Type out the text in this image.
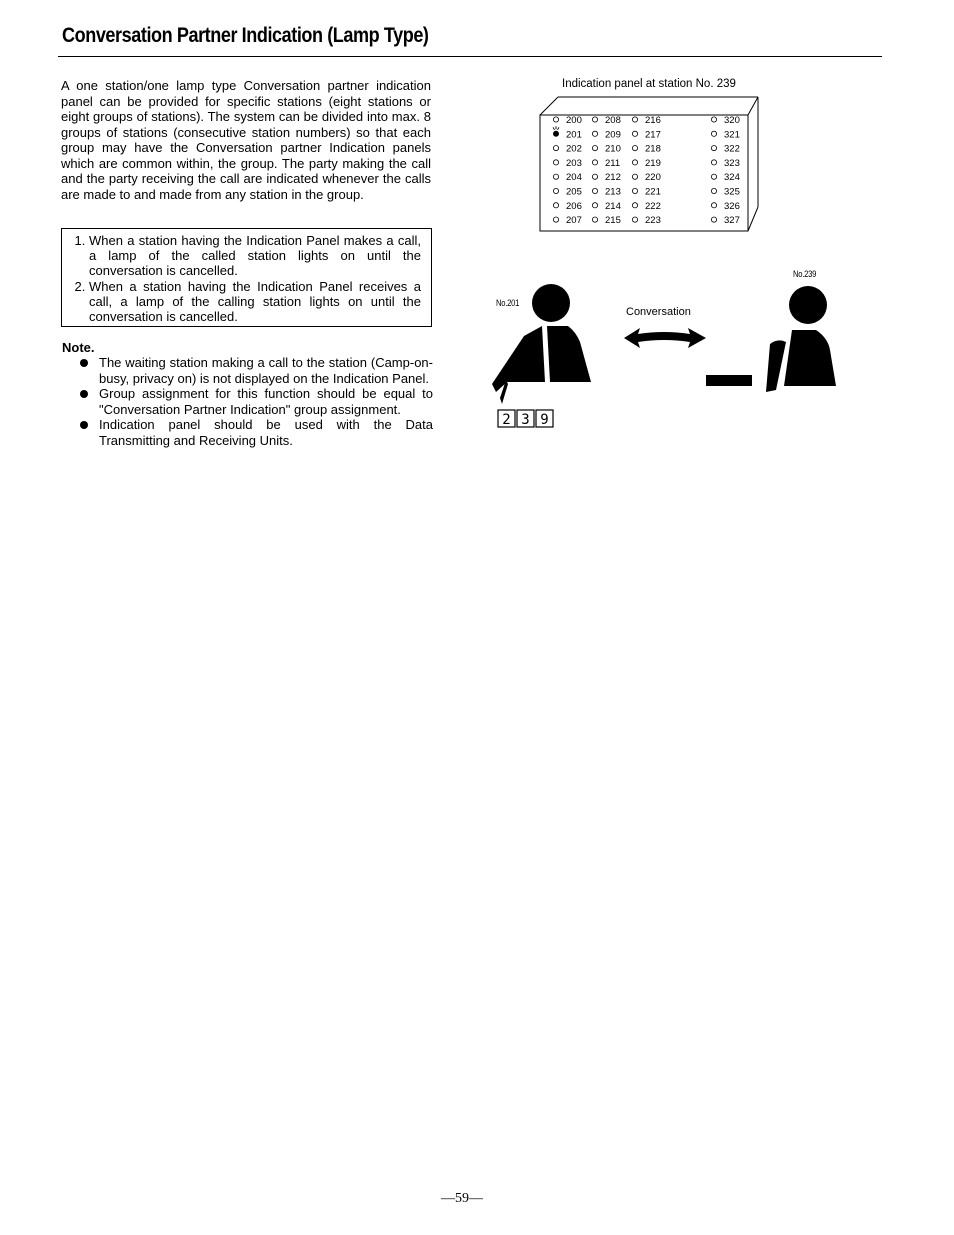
Conversation Partner Indication (Lamp Type)

A one station/one lamp type Conversation partner indication panel can be provided for specific stations (eight stations or eight groups of stations). The system can be divided into max. 8 groups of stations (consecutive station numbers) so that each group may have the Conversation partner Indication panels which are common within, the group. The party making the call and the party receiving the call are indicated whenever the calls are made to and made from any station in the group.

1. When a station having the Indication Panel makes a call, a lamp of the called station lights on until the conversation is cancelled.
2. When a station having the Indication Panel receives a call, a lamp of the calling station lights on until the conversation is cancelled.
Note.
The waiting station making a call to the station (Camp-on-busy, privacy on) is not displayed on the Indication Panel.
Group assignment for this function should be equal to "Conversation Partner Indication" group assignment.
Indication panel should be used with the Data Transmitting and Receiving Units.
Indication panel at station No. 239
200
201
202
203
204
205
206
207
208
209
210
211
212
213
214
215
216
217
218
219
220
221
222
223
320
321
322
323
324
325
326
327
No.201
No.239
Conversation
2 3 9
—59—
